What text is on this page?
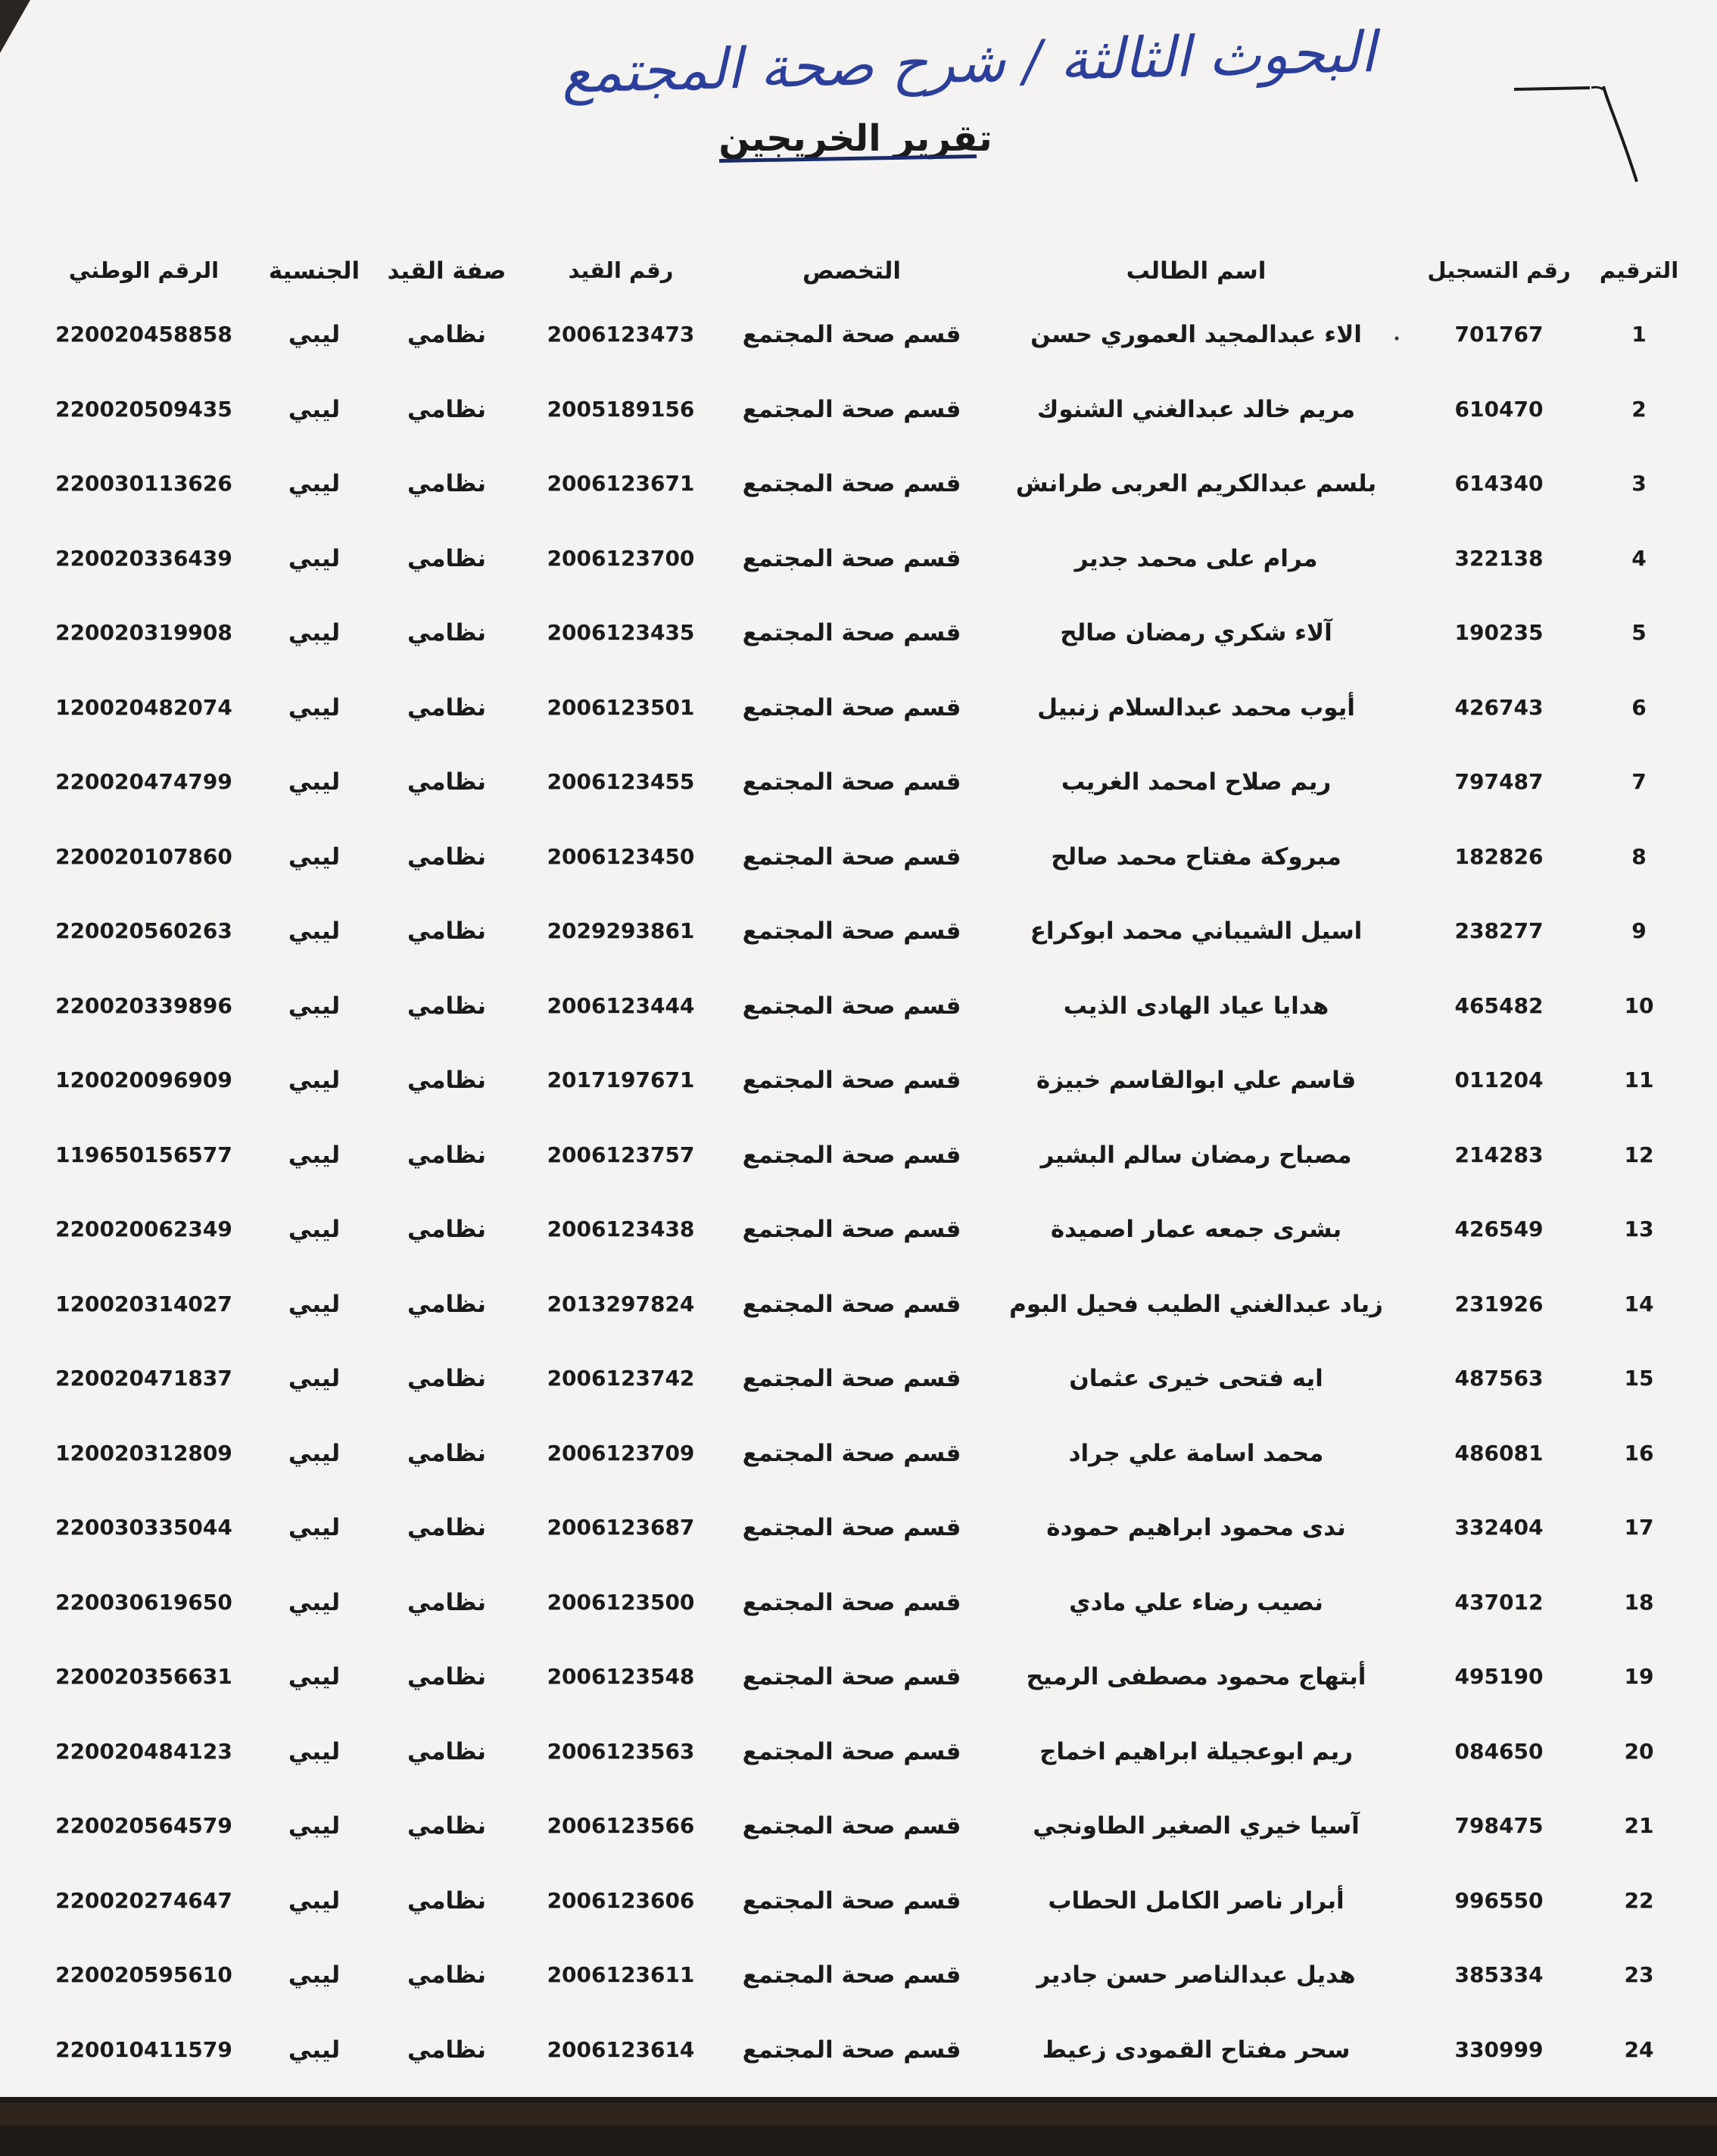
البحوث الثالثة / شرح صحة المجتمع
تقرير الخريجين
الترقيم
رقم التسجيل
اسم الطالب
التخصص
رقم القيد
صفة القيد
الجنسية
الرقم الوطني
1
701767
الاء عبدالمجيد العموري حسن
قسم صحة المجتمع
2006123473
نظامي
ليبي
220020458858
2
610470
مريم خالد عبدالغني الشنوك
قسم صحة المجتمع
2005189156
نظامي
ليبي
220020509435
3
614340
بلسم عبدالكريم العربى طرانش
قسم صحة المجتمع
2006123671
نظامي
ليبي
220030113626
4
322138
مرام على محمد جدير
قسم صحة المجتمع
2006123700
نظامي
ليبي
220020336439
5
190235
آلاء شكري رمضان صالح
قسم صحة المجتمع
2006123435
نظامي
ليبي
220020319908
6
426743
أيوب محمد عبدالسلام زنبيل
قسم صحة المجتمع
2006123501
نظامي
ليبي
120020482074
7
797487
ريم صلاح امحمد الغريب
قسم صحة المجتمع
2006123455
نظامي
ليبي
220020474799
8
182826
مبروكة مفتاح محمد صالح
قسم صحة المجتمع
2006123450
نظامي
ليبي
220020107860
9
238277
اسيل الشيباني محمد ابوكراع
قسم صحة المجتمع
2029293861
نظامي
ليبي
220020560263
10
465482
هدايا عياد الهادى الذيب
قسم صحة المجتمع
2006123444
نظامي
ليبي
220020339896
11
011204
قاسم علي ابوالقاسم خبيزة
قسم صحة المجتمع
2017197671
نظامي
ليبي
120020096909
12
214283
مصباح رمضان سالم البشير
قسم صحة المجتمع
2006123757
نظامي
ليبي
119650156577
13
426549
بشرى جمعه عمار اصميدة
قسم صحة المجتمع
2006123438
نظامي
ليبي
220020062349
14
231926
زياد عبدالغني الطيب فحيل البوم
قسم صحة المجتمع
2013297824
نظامي
ليبي
120020314027
15
487563
ايه فتحى خيرى عثمان
قسم صحة المجتمع
2006123742
نظامي
ليبي
220020471837
16
486081
محمد اسامة علي جراد
قسم صحة المجتمع
2006123709
نظامي
ليبي
120020312809
17
332404
ندى محمود ابراهيم حمودة
قسم صحة المجتمع
2006123687
نظامي
ليبي
220030335044
18
437012
نصيب رضاء علي مادي
قسم صحة المجتمع
2006123500
نظامي
ليبي
220030619650
19
495190
أبتهاج محمود مصطفى الرميح
قسم صحة المجتمع
2006123548
نظامي
ليبي
220020356631
20
084650
ريم ابوعجيلة ابراهيم اخماج
قسم صحة المجتمع
2006123563
نظامي
ليبي
220020484123
21
798475
آسيا خيري الصغير الطاونجي
قسم صحة المجتمع
2006123566
نظامي
ليبي
220020564579
22
996550
أبرار ناصر الكامل الحطاب
قسم صحة المجتمع
2006123606
نظامي
ليبي
220020274647
23
385334
هديل عبدالناصر حسن جادير
قسم صحة المجتمع
2006123611
نظامي
ليبي
220020595610
24
330999
سحر مفتاح القمودى زعيط
قسم صحة المجتمع
2006123614
نظامي
ليبي
220010411579
